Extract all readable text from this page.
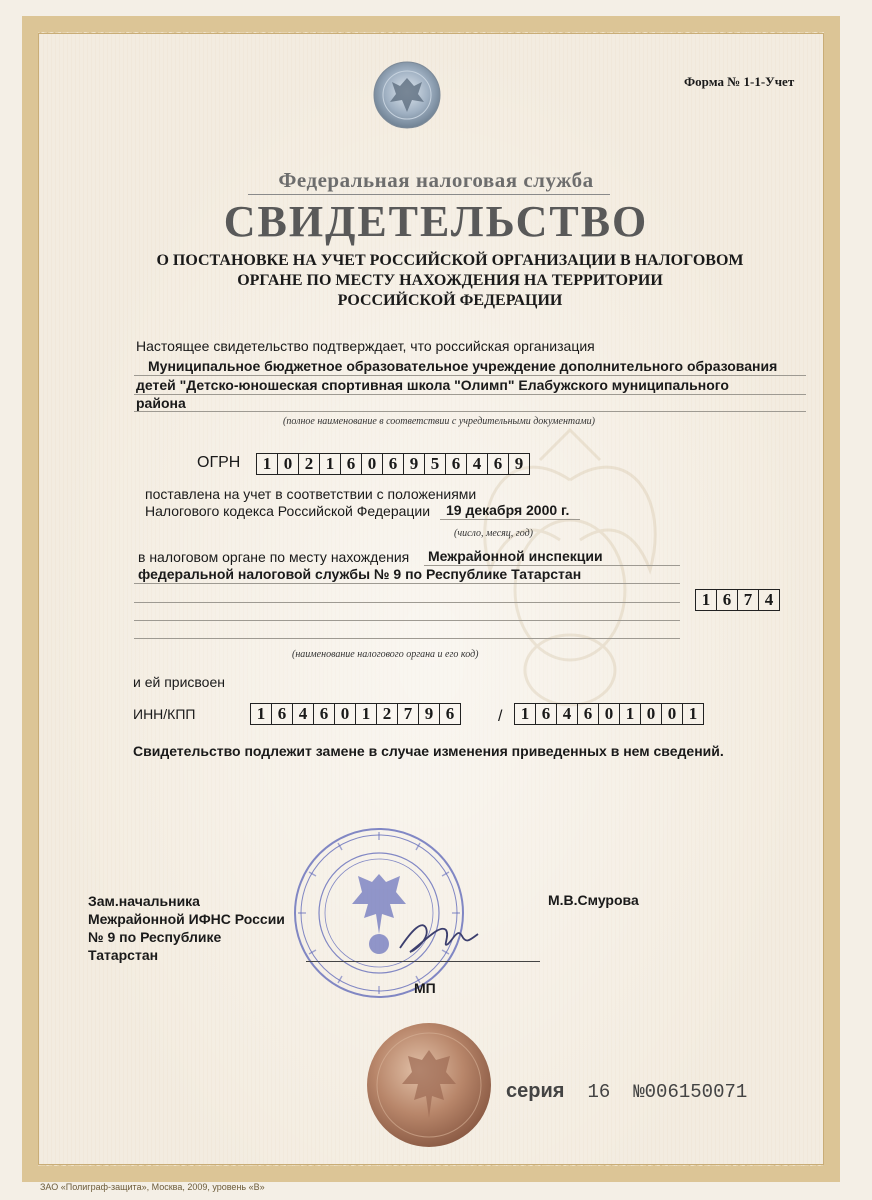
Форма № 1-1-Учет
Федеральная налоговая служба
СВИДЕТЕЛЬСТВО
О ПОСТАНОВКЕ НА УЧЕТ РОССИЙСКОЙ ОРГАНИЗАЦИИ В НАЛОГОВОМ
ОРГАНЕ ПО МЕСТУ НАХОЖДЕНИЯ НА ТЕРРИТОРИИ
РОССИЙСКОЙ ФЕДЕРАЦИИ
Настоящее свидетельство подтверждает, что российская организация
Муниципальное бюджетное образовательное учреждение дополнительного образования
детей "Детско-юношеская спортивная школа "Олимп" Елабужского муниципального
района
(полное наименование в соответствии с учредительными документами)
ОГРН	1 0 2 1 6 0 6 9 5 6 4 6 9
поставлена на учет в соответствии с положениями
Налогового кодекса Российской Федерации 19 декабря 2000 г.
(число, месяц, год)
в налоговом органе по месту нахождения Межрайонной инспекции
федеральной налоговой службы № 9 по Республике Татарстан
1 6 7 4
(наименование налогового органа и его код)
и ей присвоен
ИНН/КПП	1 6 4 6 0 1 2 7 9 6	/	1 6 4 6 0 1 0 0 1
Свидетельство подлежит замене в случае изменения приведенных в нем сведений.
Зам.начальника
Межрайонной ИФНС России
№ 9 по Республике
Татарстан
М.В.Смурова
МП
серия 16 №006150071
ЗАО «Полиграф-защита», Москва, 2009, уровень «В»
